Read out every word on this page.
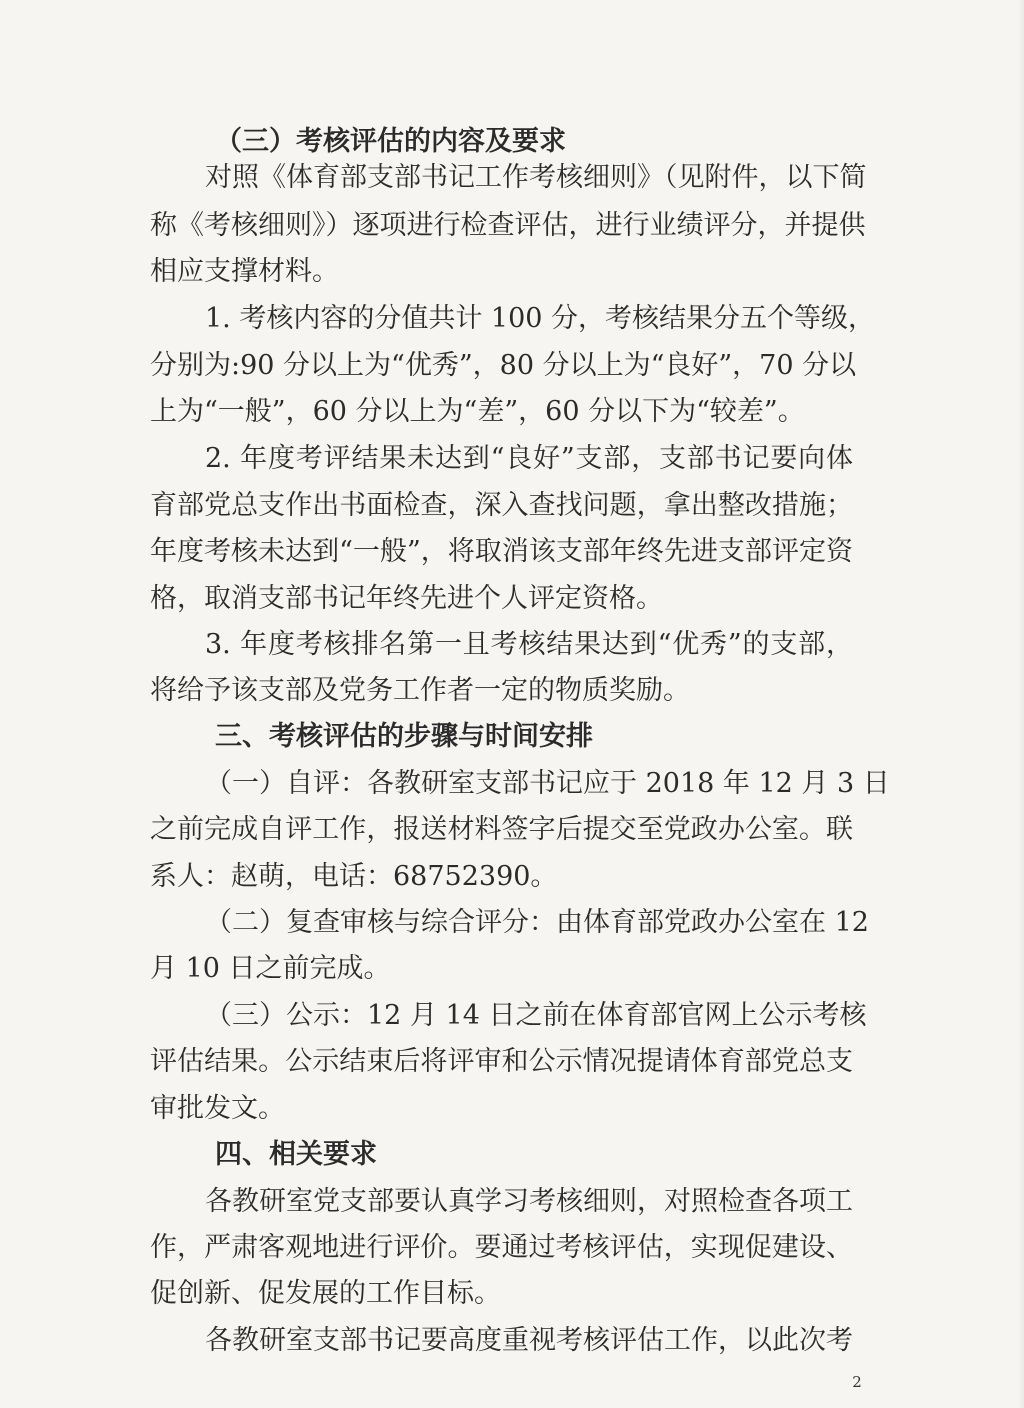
（三）考核评估的内容及要求
对照《体育部支部书记工作考核细则》（见附件，以下简
称《考核细则》）逐项进行检查评估，进行业绩评分，并提供
相应支撑材料。
1. 考核内容的分值共计 100 分，考核结果分五个等级，
分别为:90 分以上为“优秀”，80 分以上为“良好”，70 分以
上为“一般”，60 分以上为“差”，60 分以下为“较差”。
2. 年度考评结果未达到“良好”支部，支部书记要向体
育部党总支作出书面检查，深入查找问题，拿出整改措施；
年度考核未达到“一般”，将取消该支部年终先进支部评定资
格，取消支部书记年终先进个人评定资格。
3. 年度考核排名第一且考核结果达到“优秀”的支部，
将给予该支部及党务工作者一定的物质奖励。
三、考核评估的步骤与时间安排
（一）自评：各教研室支部书记应于 2018 年 12 月 3 日
之前完成自评工作，报送材料签字后提交至党政办公室。联
系人：赵萌，电话：68752390。
（二）复查审核与综合评分：由体育部党政办公室在 12
月 10 日之前完成。
（三）公示：12 月 14 日之前在体育部官网上公示考核
评估结果。公示结束后将评审和公示情况提请体育部党总支
审批发文。
四、相关要求
各教研室党支部要认真学习考核细则，对照检查各项工
作，严肃客观地进行评价。要通过考核评估，实现促建设、
促创新、促发展的工作目标。
各教研室支部书记要高度重视考核评估工作，以此次考
2
